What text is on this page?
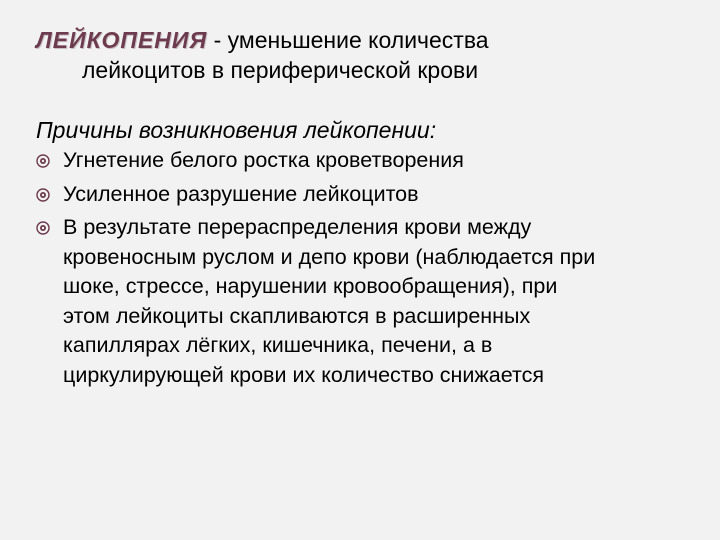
ЛЕЙКОПЕНИЯ - уменьшение количества
лейкоцитов в периферической крови
Причины возникновения лейкопении:
Угнетение белого ростка кроветворения
Усиленное разрушение лейкоцитов
В результате перераспределения крови между
кровеносным руслом и депо крови (наблюдается при
шоке, стрессе, нарушении кровообращения), при
этом лейкоциты скапливаются в расширенных
капиллярах лёгких, кишечника, печени, а в
циркулирующей крови их количество снижается
